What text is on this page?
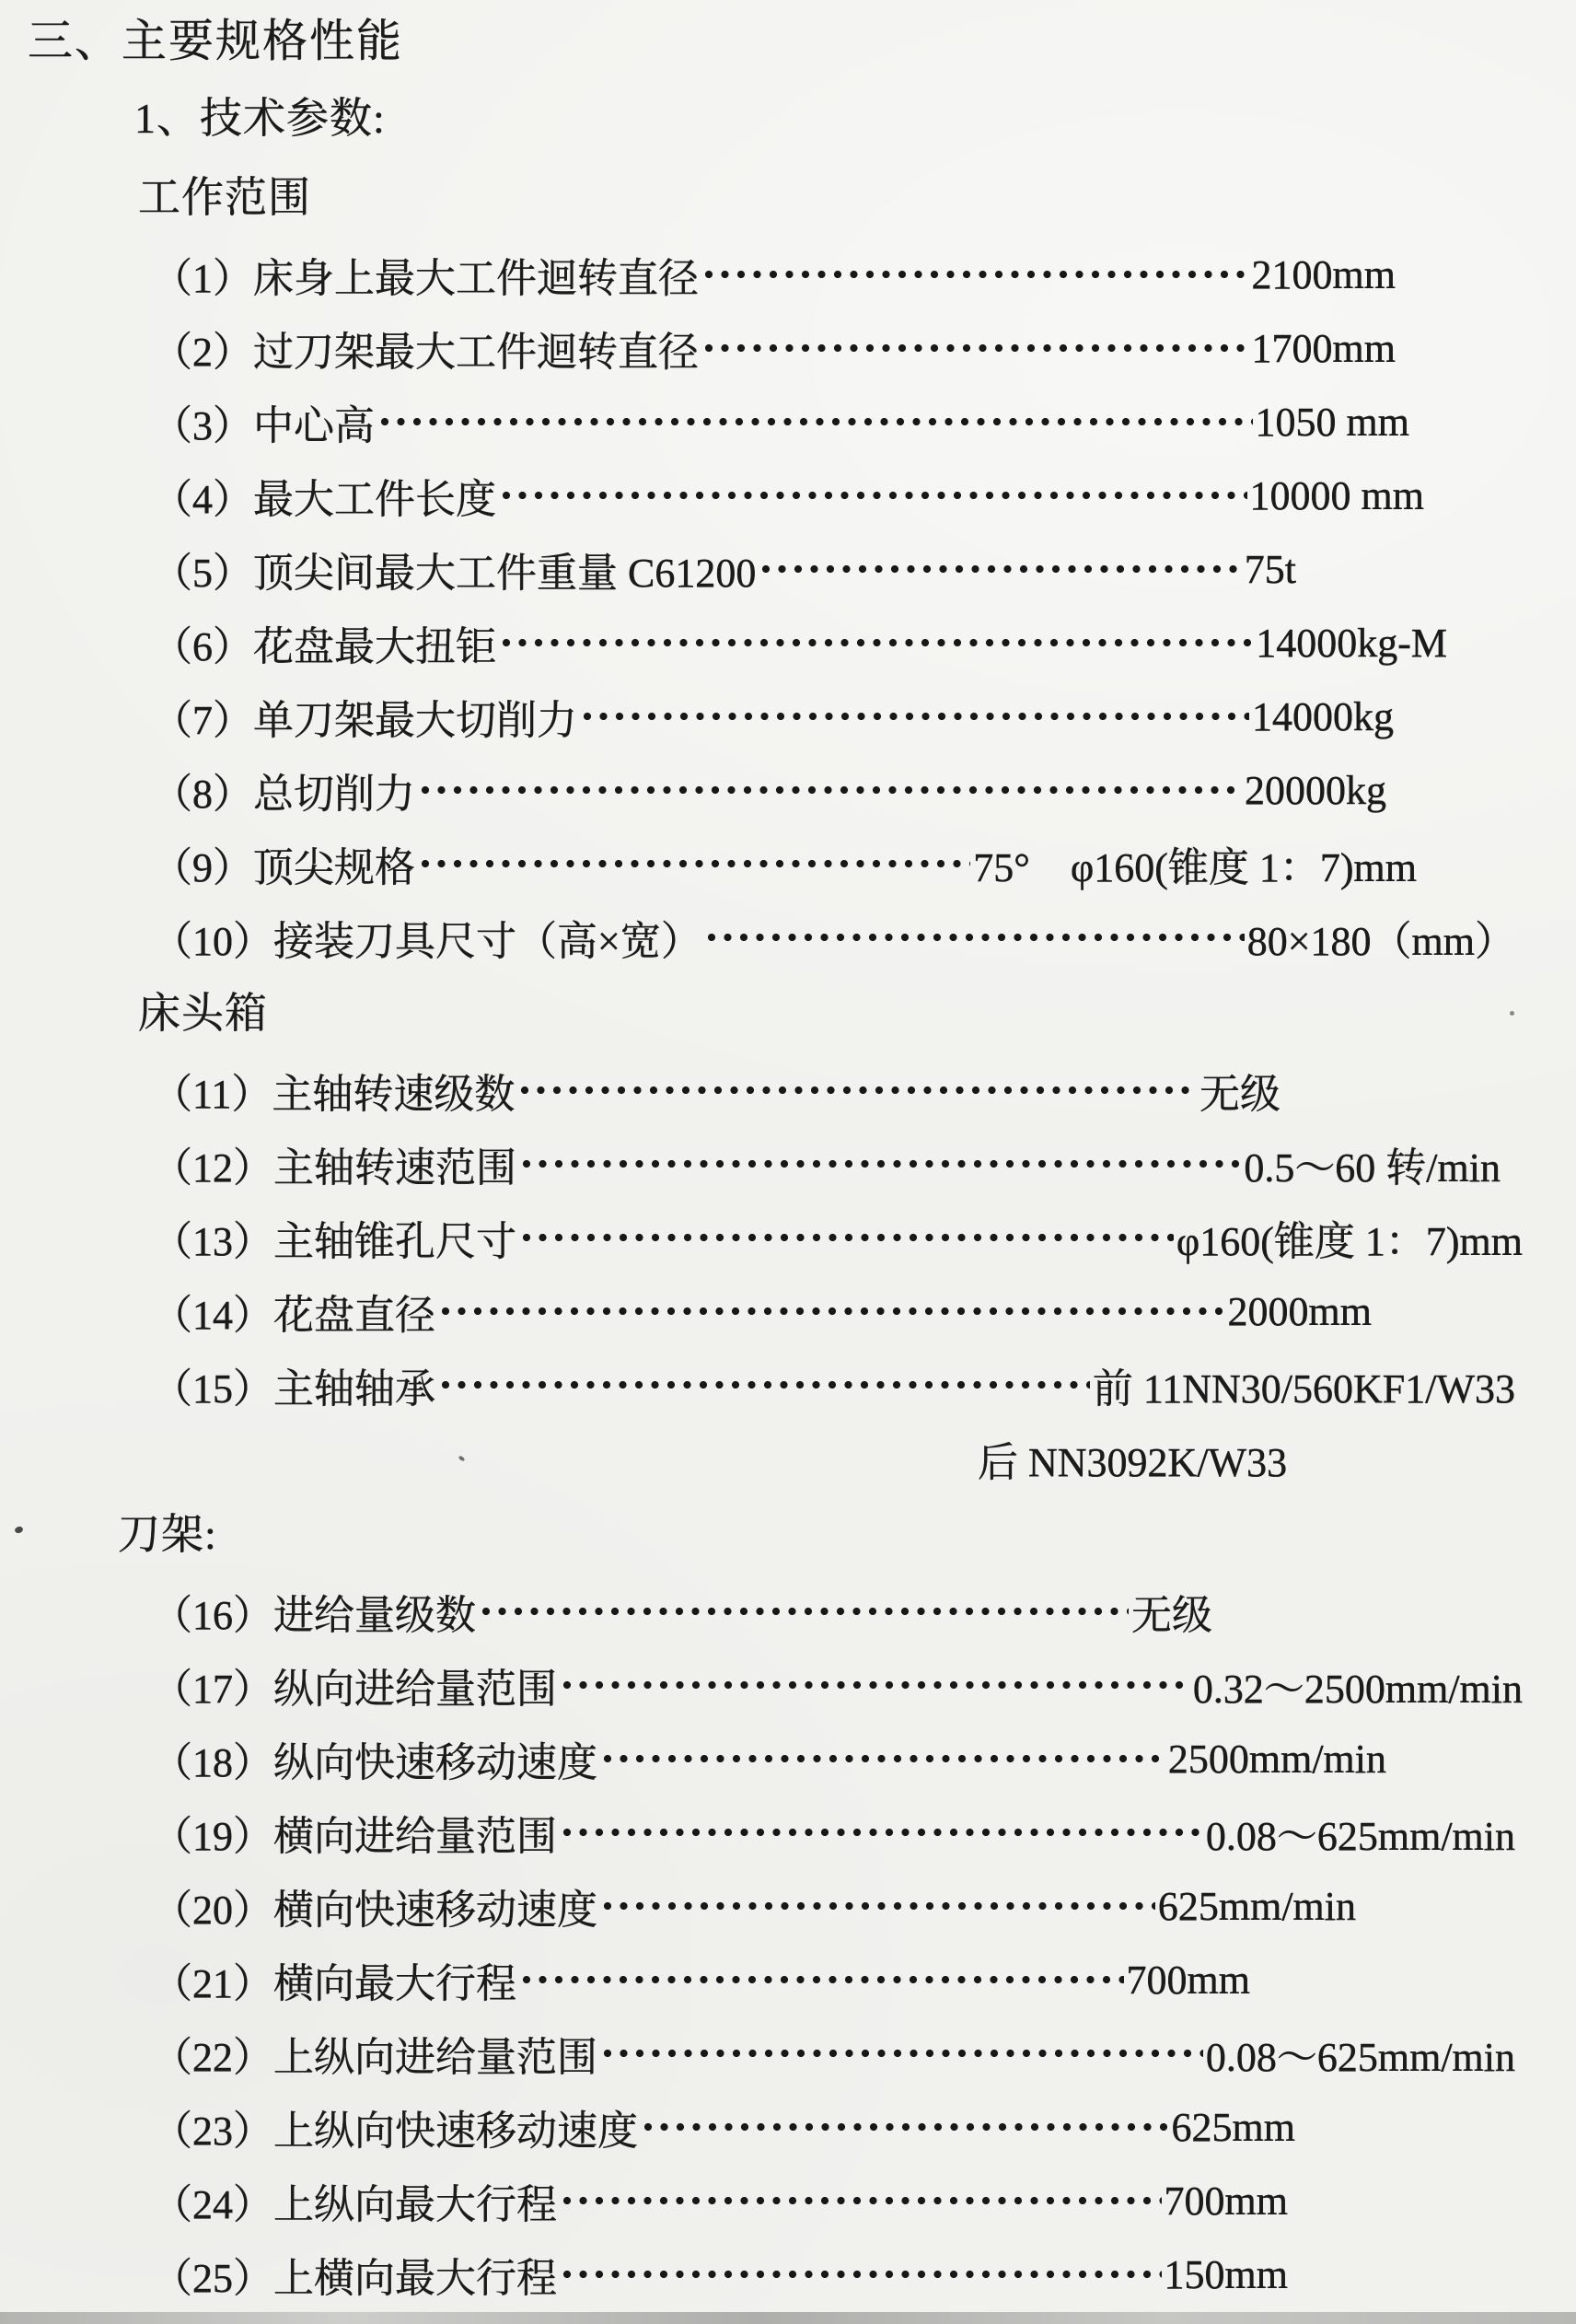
三、主要规格性能
1、技术参数:
工作范围
（1）床身上最大工件迴转直径	2100mm
（2）过刀架最大工件迴转直径	1700mm
（3）中心高	1050 mm
（4）最大工件长度	10000 mm
（5）顶尖间最大工件重量 C61200	75t
（6）花盘最大扭钜	14000kg-M
（7）单刀架最大切削力	14000kg
（8）总切削力	20000kg
（9）顶尖规格	75°　φ160(锥度 1：7)mm
（10）接装刀具尺寸（高×宽）	80×180（mm）
床头箱
（11）主轴转速级数	无级
（12）主轴转速范围	0.5～60 转/min
（13）主轴锥孔尺寸	φ160(锥度 1：7)mm
（14）花盘直径	2000mm
（15）主轴轴承	前 11NN30/560KF1/W33
后 NN3092K/W33
刀架:
（16）进给量级数	无级
（17）纵向进给量范围	0.32～2500mm/min
（18）纵向快速移动速度	2500mm/min
（19）横向进给量范围	0.08～625mm/min
（20）横向快速移动速度	625mm/min
（21）横向最大行程	700mm
（22）上纵向进给量范围	0.08～625mm/min
（23）上纵向快速移动速度	625mm
（24）上纵向最大行程	700mm
（25）上横向最大行程	150mm
